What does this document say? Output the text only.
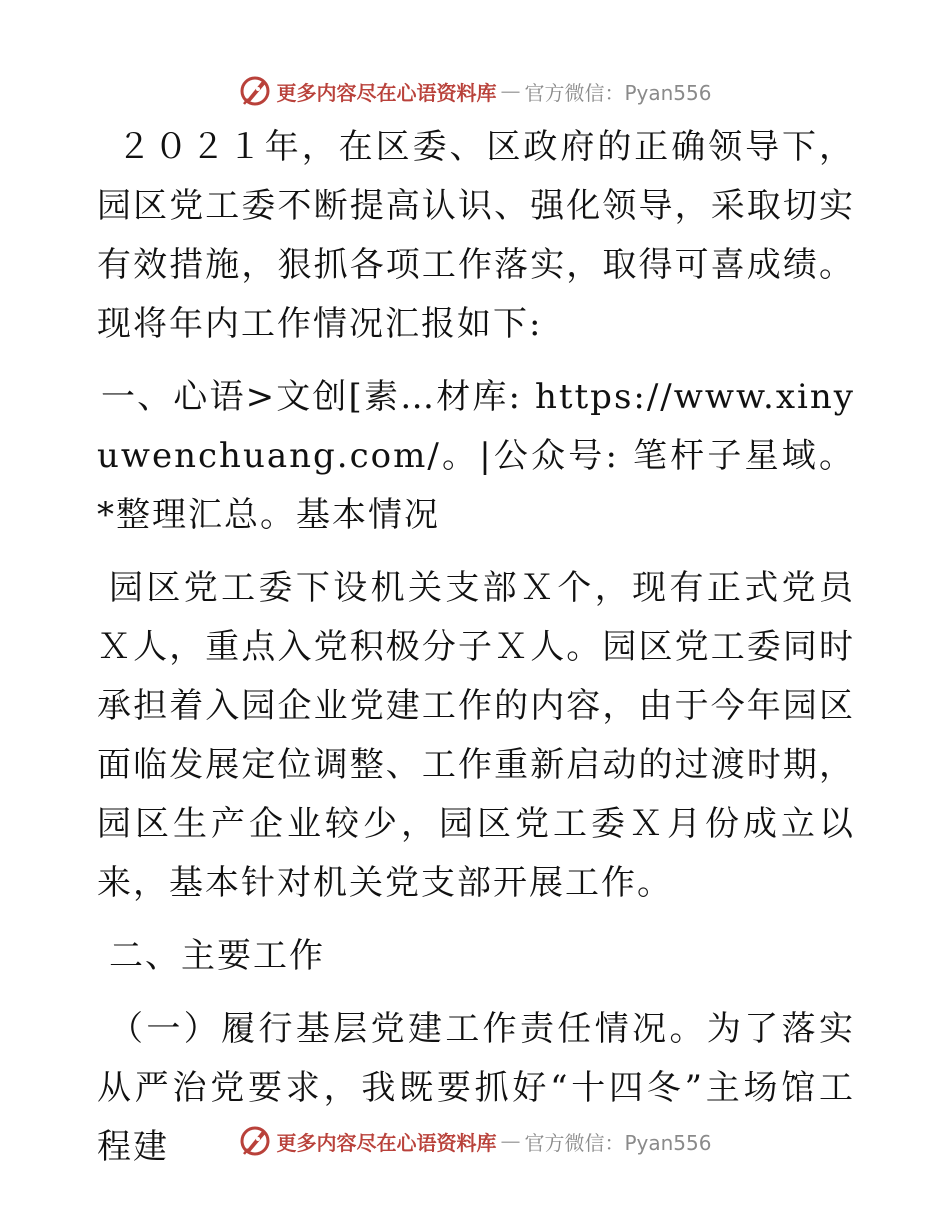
更多内容尽在心语资料库 — 官方微信：Pyan556

２０２１年，在区委、区政府的正确领导下，园区党工委不断提高认识、强化领导，采取切实有效措施，狠抓各项工作落实，取得可喜成绩。现将年内工作情况汇报如下:

一、心语>文创[素…材库: https://www.xinyuwenchuang.com/。|公众号: 笔杆子星域。*整理汇总。基本情况

园区党工委下设机关支部Ｘ个，现有正式党员Ｘ人，重点入党积极分子Ｘ人。园区党工委同时承担着入园企业党建工作的内容，由于今年园区面临发展定位调整、工作重新启动的过渡时期，园区生产企业较少，园区党工委Ｘ月份成立以来，基本针对机关党支部开展工作。

二、主要工作

（一）履行基层党建工作责任情况。为了落实从严治党要求，我既要抓好“十四冬”主场馆工程建	更多内容尽在心语资料库 — 官方微信：Pyan556
